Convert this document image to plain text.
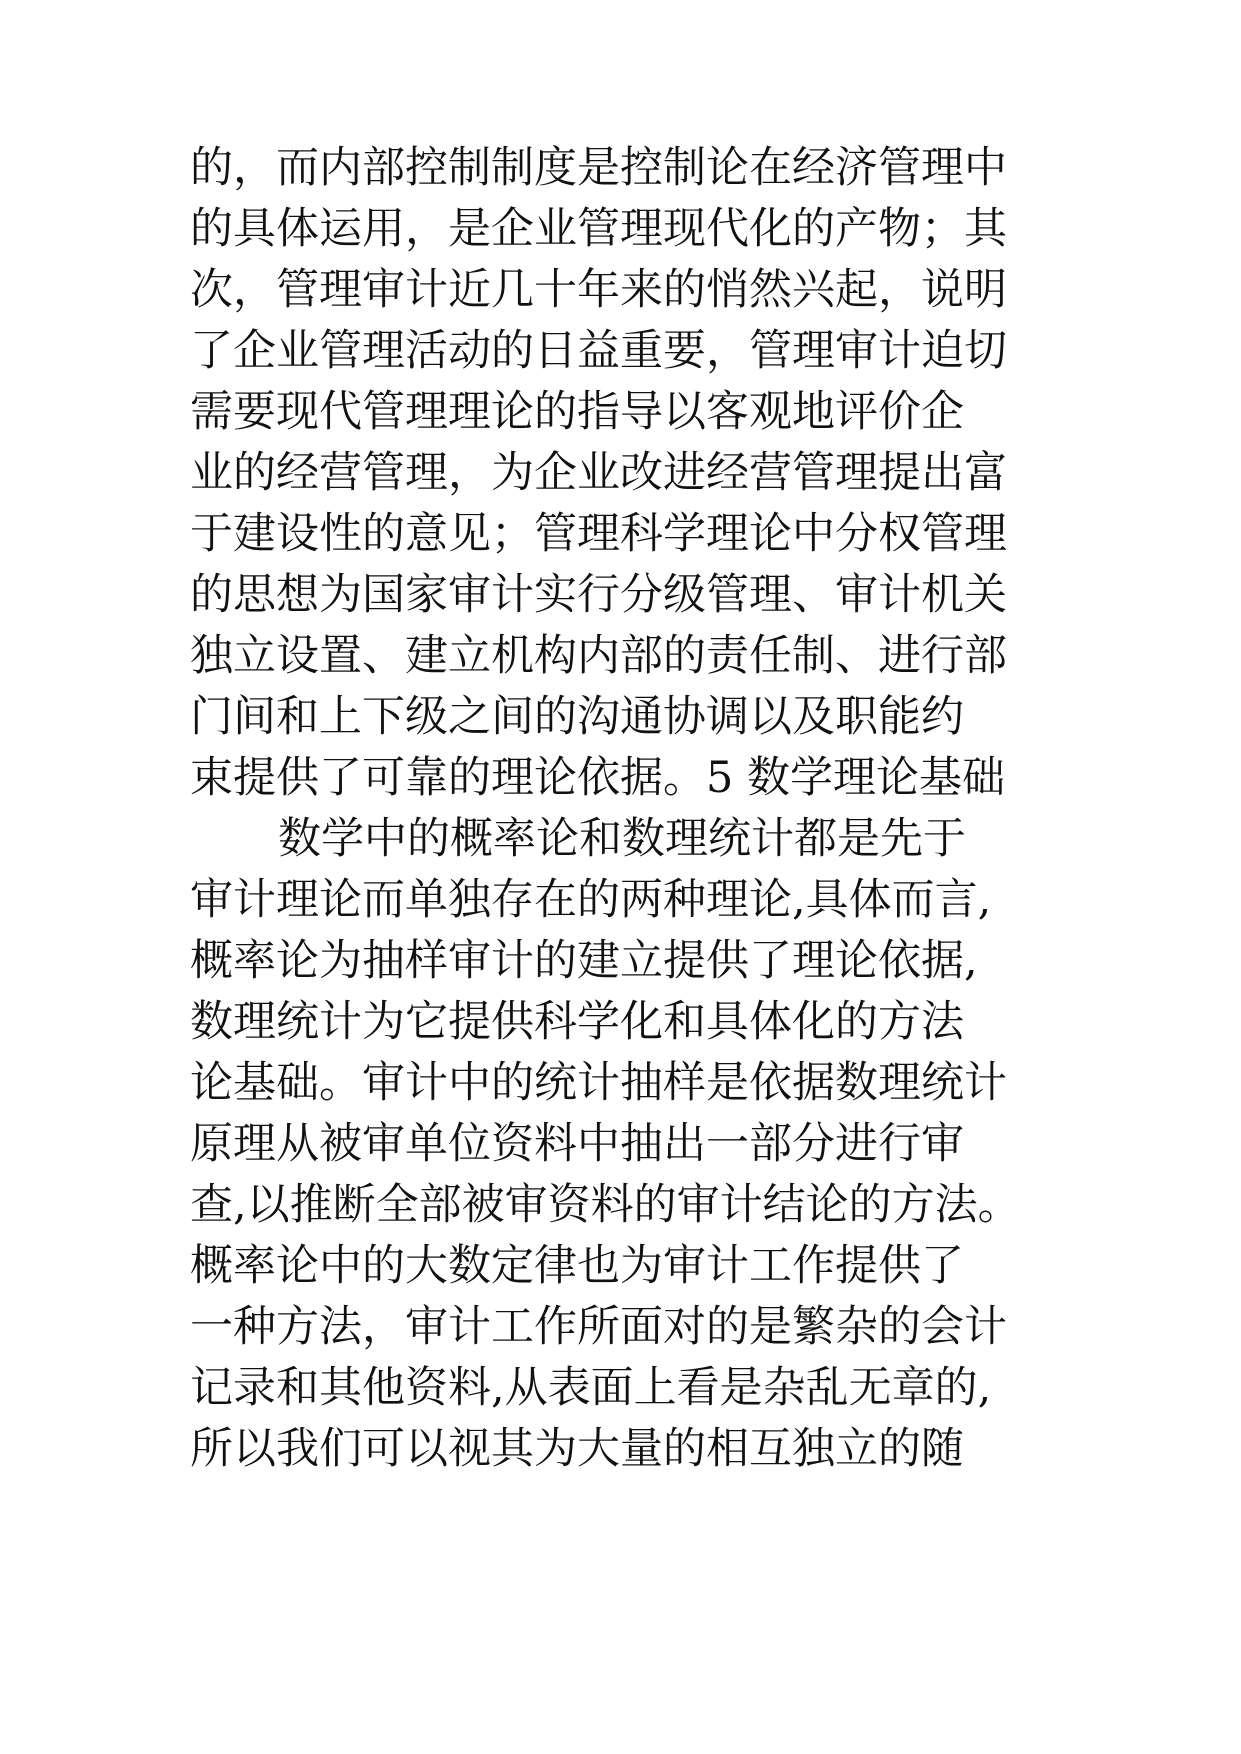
的，而内部控制制度是控制论在经济管理中
的具体运用，是企业管理现代化的产物；其
次，管理审计近几十年来的悄然兴起，说明
了企业管理活动的日益重要，管理审计迫切
需要现代管理理论的指导以客观地评价企
业的经营管理，为企业改进经营管理提出富
于建设性的意见；管理科学理论中分权管理
的思想为国家审计实行分级管理、审计机关
独立设置、建立机构内部的责任制、进行部
门间和上下级之间的沟通协调以及职能约
束提供了可靠的理论依据。5 数学理论基础
数学中的概率论和数理统计都是先于
审计理论而单独存在的两种理论,具体而言,
概率论为抽样审计的建立提供了理论依据,
数理统计为它提供科学化和具体化的方法
论基础。审计中的统计抽样是依据数理统计
原理从被审单位资料中抽出一部分进行审
查,以推断全部被审资料的审计结论的方法。
概率论中的大数定律也为审计工作提供了
一种方法，审计工作所面对的是繁杂的会计
记录和其他资料,从表面上看是杂乱无章的,
所以我们可以视其为大量的相互独立的随
